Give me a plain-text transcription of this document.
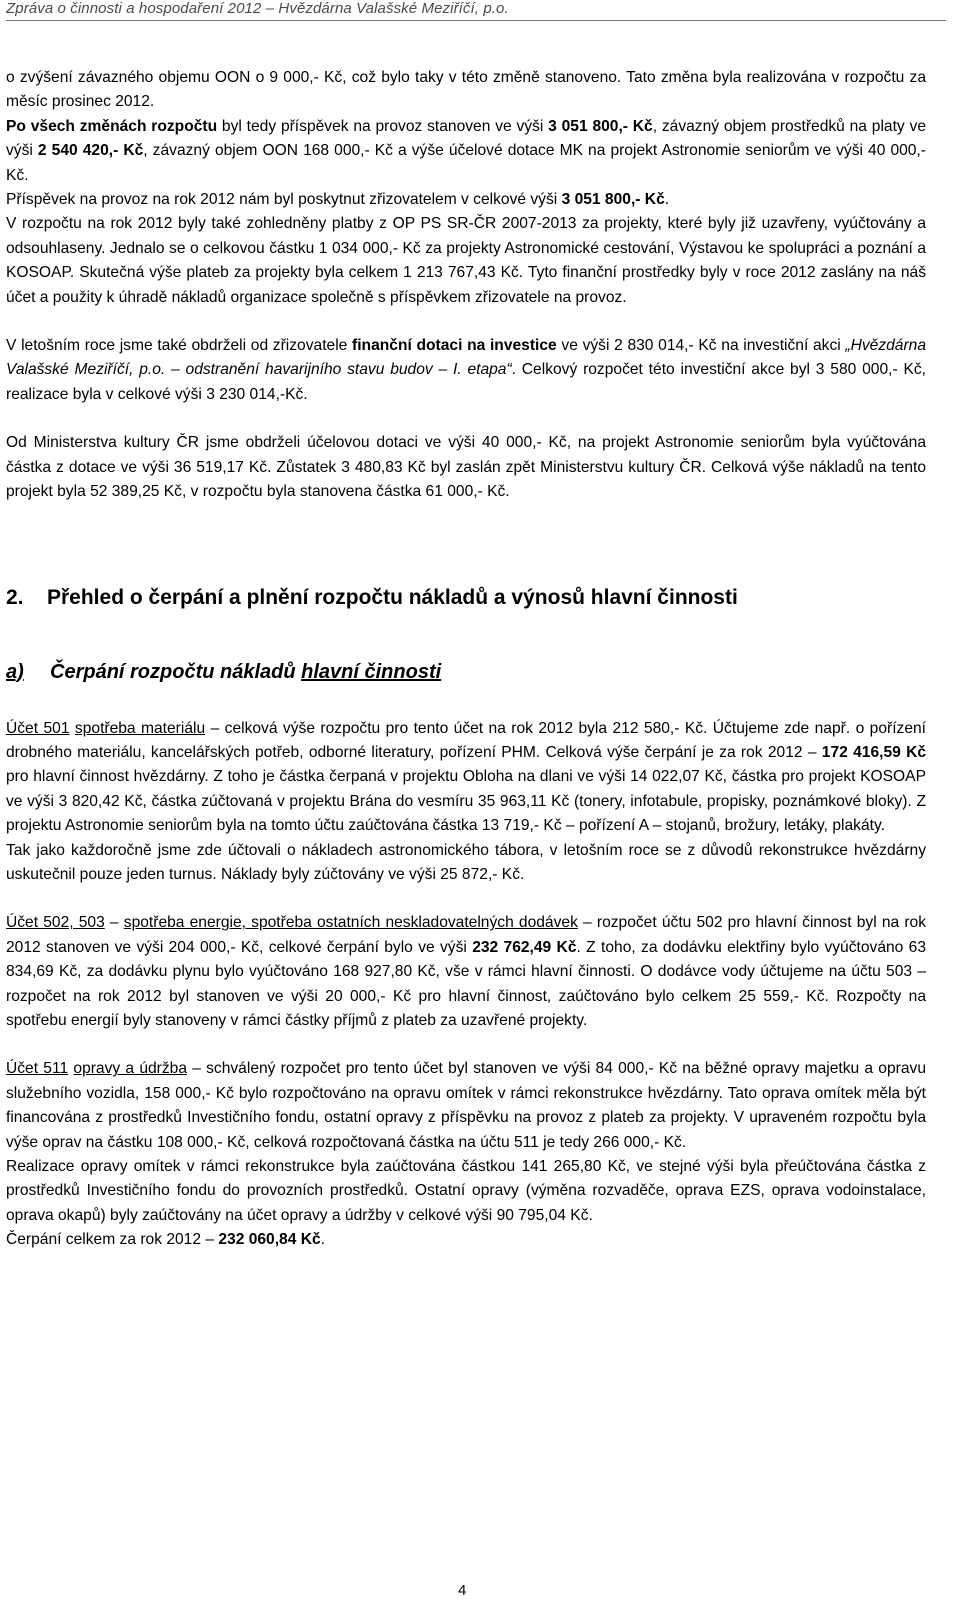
Zpráva o činnosti a hospodaření 2012 – Hvězdárna Valašské Meziříčí, p.o.

o zvýšení závazného objemu OON o 9 000,- Kč, což bylo taky v této změně stanoveno. Tato změna byla realizována v rozpočtu za měsíc prosinec 2012.

Po všech změnách rozpočtu byl tedy příspěvek na provoz stanoven ve výši 3 051 800,- Kč, závazný objem prostředků na platy ve výši 2 540 420,- Kč, závazný objem OON 168 000,- Kč a výše účelové dotace MK na projekt Astronomie seniorům ve výši 40 000,- Kč.

Příspěvek na provoz na rok 2012 nám byl poskytnut zřizovatelem v celkové výši 3 051 800,- Kč.

V rozpočtu na rok 2012 byly také zohledněny platby z OP PS SR-ČR 2007-2013 za projekty, které byly již uzavřeny, vyúčtovány a odsouhlaseny. Jednalo se o celkovou částku 1 034 000,- Kč za projekty Astronomické cestování, Výstavou ke spolupráci a poznání a KOSOAP. Skutečná výše plateb za projekty byla celkem 1 213 767,43 Kč. Tyto finanční prostředky byly v roce 2012 zaslány na náš účet a použity k úhradě nákladů organizace společně s příspěvkem zřizovatele na provoz.

V letošním roce jsme také obdrželi od zřizovatele finanční dotaci na investice ve výši 2 830 014,- Kč na investiční akci „Hvězdárna Valašské Meziříčí, p.o. – odstranění havarijního stavu budov – I. etapa“. Celkový rozpočet této investiční akce byl 3 580 000,- Kč, realizace byla v celkové výši 3 230 014,-Kč.

Od Ministerstva kultury ČR jsme obdrželi účelovou dotaci ve výši 40 000,- Kč, na projekt Astronomie seniorům byla vyúčtována částka z dotace ve výši 36 519,17 Kč. Zůstatek 3 480,83 Kč byl zaslán zpět Ministerstvu kultury ČR. Celková výše nákladů na tento projekt byla 52 389,25 Kč, v rozpočtu byla stanovena částka 61 000,- Kč.

2. Přehled o čerpání a plnění rozpočtu nákladů a výnosů hlavní činnosti
a) Čerpání rozpočtu nákladů hlavní činnosti

Účet 501 spotřeba materiálu – celková výše rozpočtu pro tento účet na rok 2012 byla 212 580,- Kč. Účtujeme zde např. o pořízení drobného materiálu, kancelářských potřeb, odborné literatury, pořízení PHM. Celková výše čerpání je za rok 2012 – 172 416,59 Kč pro hlavní činnost hvězdárny. Z toho je částka čerpaná v projektu Obloha na dlani ve výši 14 022,07 Kč, částka pro projekt KOSOAP ve výši 3 820,42 Kč, částka zúčtovaná v projektu Brána do vesmíru 35 963,11 Kč (tonery, infotabule, propisky, poznámkové bloky). Z projektu Astronomie seniorům byla na tomto účtu zaúčtována částka 13 719,- Kč – pořízení A – stojanů, brožury, letáky, plakáty.

Tak jako každoročně jsme zde účtovali o nákladech astronomického tábora, v letošním roce se z důvodů rekonstrukce hvězdárny uskutečnil pouze jeden turnus. Náklady byly zúčtovány ve výši 25 872,- Kč.

Účet 502, 503 – spotřeba energie, spotřeba ostatních neskladovatelných dodávek – rozpočet účtu 502 pro hlavní činnost byl na rok 2012 stanoven ve výši 204 000,- Kč, celkové čerpání bylo ve výši 232 762,49 Kč. Z toho, za dodávku elektřiny bylo vyúčtováno 63 834,69 Kč, za dodávku plynu bylo vyúčtováno 168 927,80 Kč, vše v rámci hlavní činnosti. O dodávce vody účtujeme na účtu 503 – rozpočet na rok 2012 byl stanoven ve výši 20 000,- Kč pro hlavní činnost, zaúčtováno bylo celkem 25 559,- Kč. Rozpočty na spotřebu energií byly stanoveny v rámci částky příjmů z plateb za uzavřené projekty.

Účet 511 opravy a údržba – schválený rozpočet pro tento účet byl stanoven ve výši 84 000,- Kč na běžné opravy majetku a opravu služebního vozidla, 158 000,- Kč bylo rozpočtováno na opravu omítek v rámci rekonstrukce hvězdárny. Tato oprava omítek měla být financována z prostředků Investičního fondu, ostatní opravy z příspěvku na provoz z plateb za projekty. V upraveném rozpočtu byla výše oprav na částku 108 000,- Kč, celková rozpočtovaná částka na účtu 511 je tedy 266 000,- Kč.

Realizace opravy omítek v rámci rekonstrukce byla zaúčtována částkou 141 265,80 Kč, ve stejné výši byla přeúčtována částka z prostředků Investičního fondu do provozních prostředků. Ostatní opravy (výměna rozvaděče, oprava EZS, oprava vodoinstalace, oprava okapů) byly zaúčtovány na účet opravy a údržby v celkové výši 90 795,04 Kč.

Čerpání celkem za rok 2012 – 232 060,84 Kč.

4
